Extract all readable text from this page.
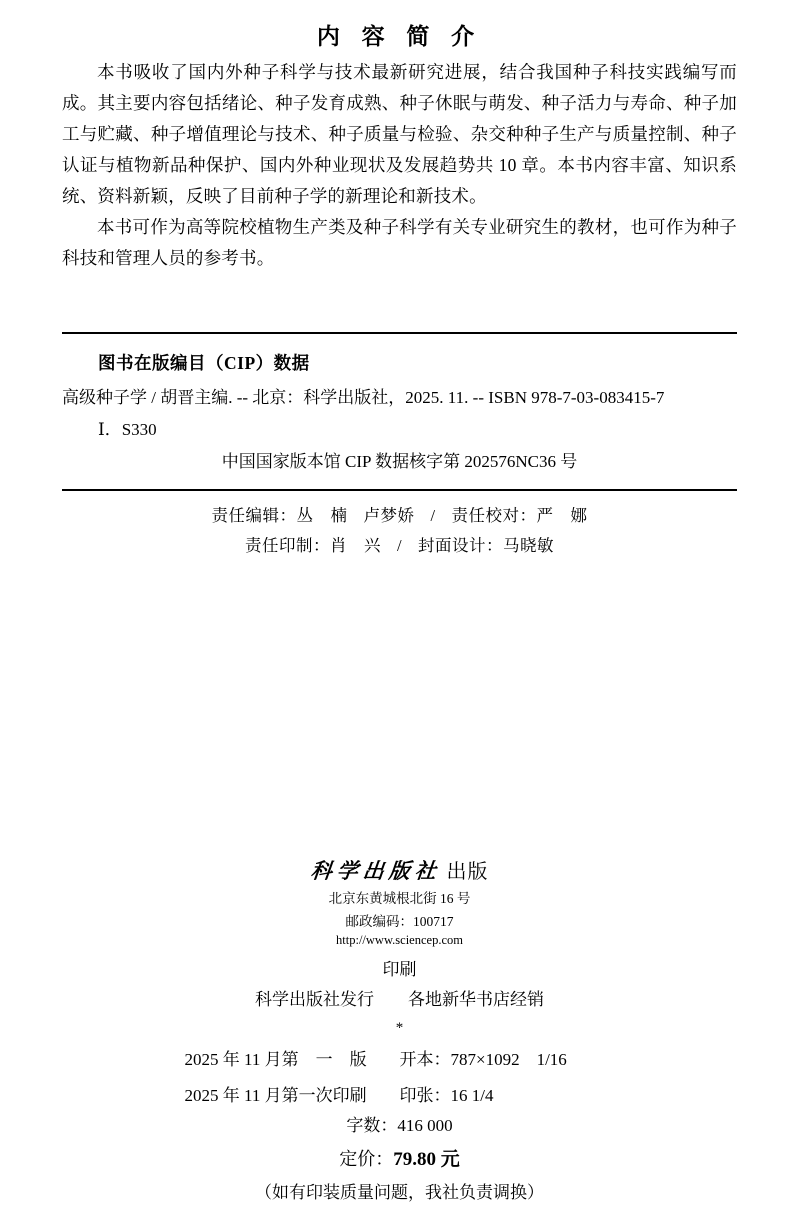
内 容 简 介

本书吸收了国内外种子科学与技术最新研究进展，结合我国种子科技实践编写而成。其主要内容包括绪论、种子发育成熟、种子休眠与萌发、种子活力与寿命、种子加工与贮藏、种子增值理论与技术、种子质量与检验、杂交种种子生产与质量控制、种子认证与植物新品种保护、国内外种业现状及发展趋势共 10 章。本书内容丰富、知识系统、资料新颖，反映了目前种子学的新理论和新技术。

本书可作为高等院校植物生产类及种子科学有关专业研究生的教材，也可作为种子科技和管理人员的参考书。

图书在版编目（CIP）数据
高级种子学 / 胡晋主编. -- 北京：科学出版社，2025. 11. -- ISBN 978-7-03-083415-7
Ⅰ．S330
中国国家版本馆 CIP 数据核字第 202576NC36 号
责任编辑：丛　楠 卢梦娇 / 责任校对：严　娜
责任印制：肖　兴 / 封面设计：马晓敏
科学出版社 出版
北京东黄城根北街 16 号
邮政编码：100717
http://www.sciencep.com
印刷
科学出版社发行 各地新华书店经销
*
2025 年 11 月第　一　版 开本：787×1092　1/16
2025 年 11 月第一次印刷 印张：16 1/4
字数：416 000
定价：79.80 元
（如有印装质量问题，我社负责调换）
